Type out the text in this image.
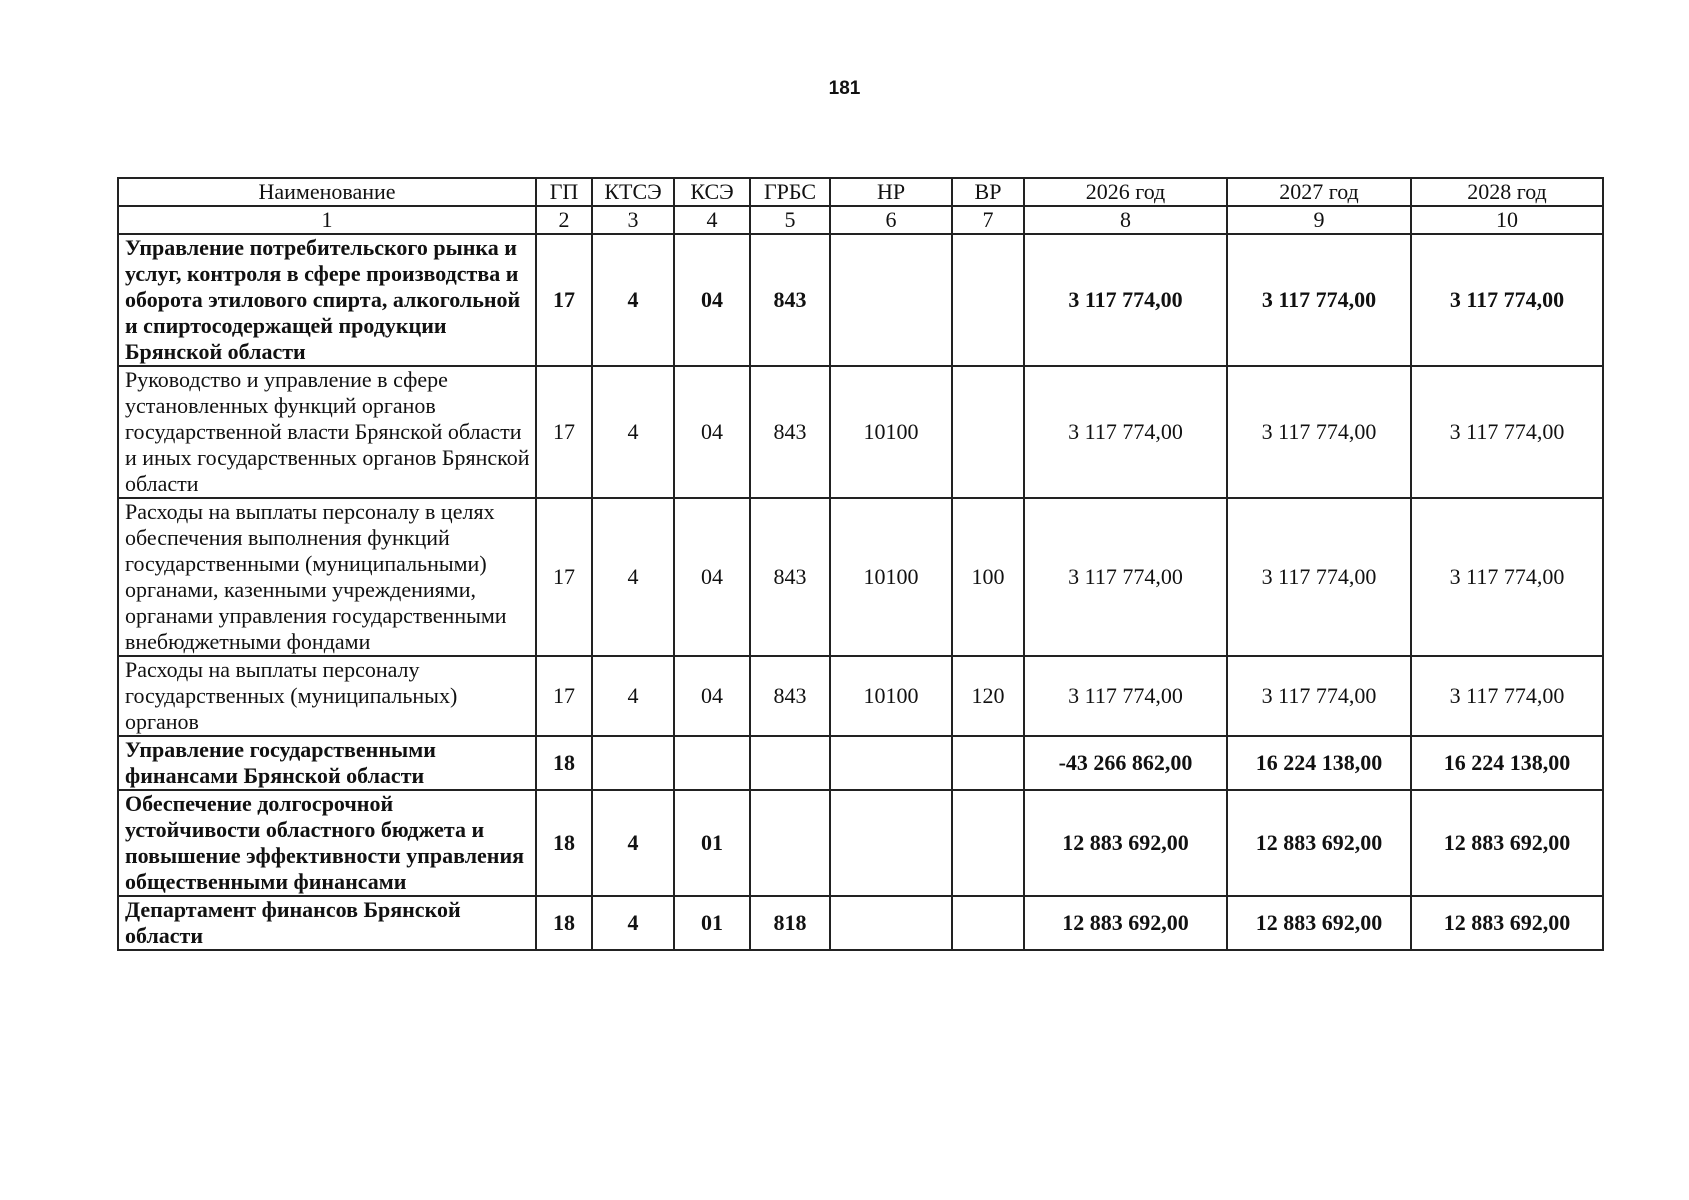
181
Наименование	ГП	КТСЭ	КСЭ	ГРБС	НР	ВР	2026 год	2027 год	2028 год
1	2	3	4	5	6	7	8	9	10
Управление потребительского рынка и услуг, контроля в сфере производства и оборота этилового спирта, алкогольной и спиртосодержащей продукции Брянской области	17	4	04	843			3 117 774,00	3 117 774,00	3 117 774,00
Руководство и управление в сфере установленных функций органов государственной власти Брянской области и иных государственных органов Брянской области	17	4	04	843	10100		3 117 774,00	3 117 774,00	3 117 774,00
Расходы на выплаты персоналу в целях обеспечения выполнения функций государственными (муниципальными) органами, казенными учреждениями, органами управления государственными внебюджетными фондами	17	4	04	843	10100	100	3 117 774,00	3 117 774,00	3 117 774,00
Расходы на выплаты персоналу государственных (муниципальных) органов	17	4	04	843	10100	120	3 117 774,00	3 117 774,00	3 117 774,00
Управление государственными финансами Брянской области	18						-43 266 862,00	16 224 138,00	16 224 138,00
Обеспечение долгосрочной устойчивости областного бюджета и повышение эффективности управления общественными финансами	18	4	01				12 883 692,00	12 883 692,00	12 883 692,00
Департамент финансов Брянской области	18	4	01	818			12 883 692,00	12 883 692,00	12 883 692,00
